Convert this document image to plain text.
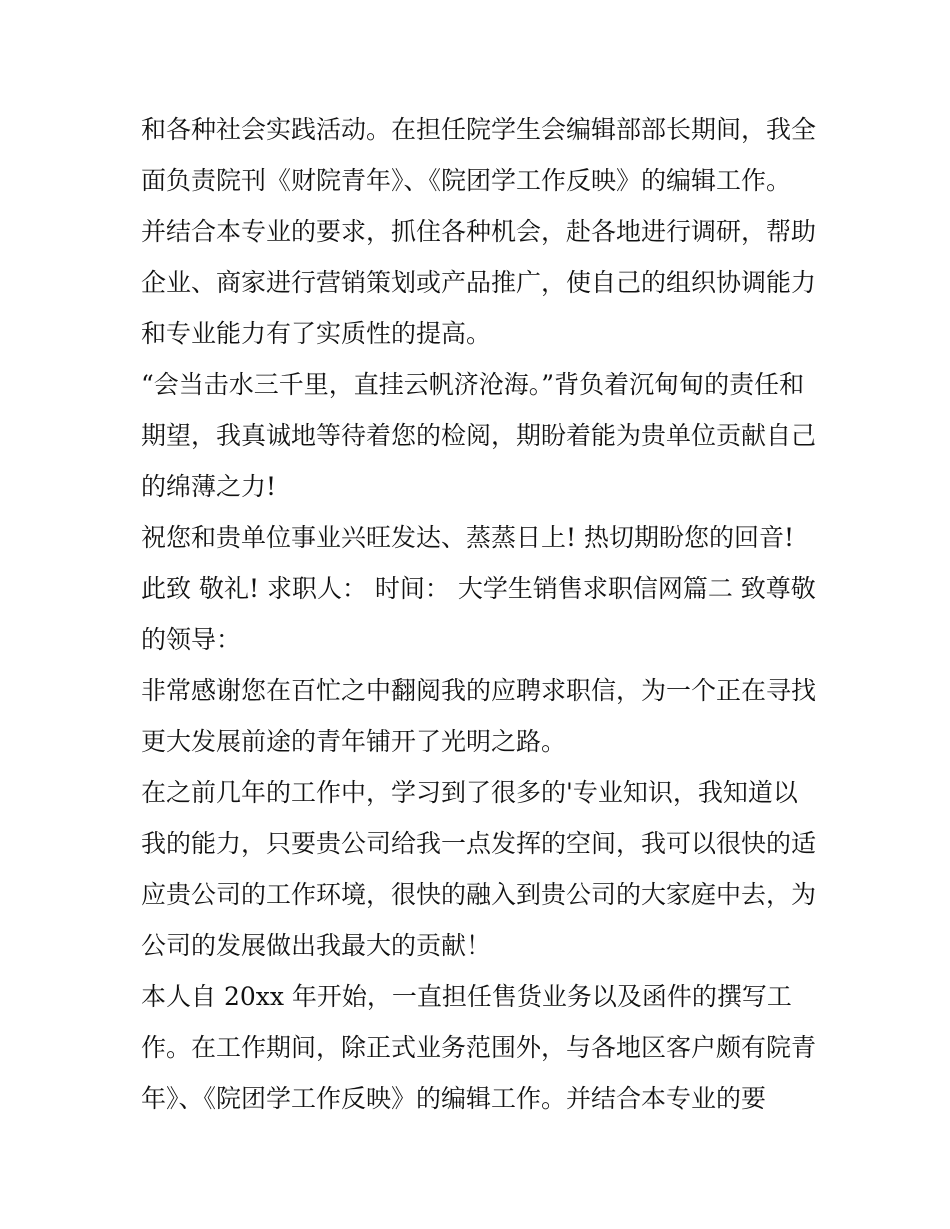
和各种社会实践活动。在担任院学生会编辑部部长期间，我全
面负责院刊《财院青年》、《院团学工作反映》的编辑工作。
并结合本专业的要求，抓住各种机会，赴各地进行调研，帮助
企业、商家进行营销策划或产品推广，使自己的组织协调能力
和专业能力有了实质性的提高。
“会当击水三千里，直挂云帆济沧海。”背负着沉甸甸的责任和
期望，我真诚地等待着您的检阅，期盼着能为贵单位贡献自己
的绵薄之力!
祝您和贵单位事业兴旺发达、蒸蒸日上! 热切期盼您的回音!
此致 敬礼! 求职人： 时间： 大学生销售求职信网篇二 致尊敬
的领导：
非常感谢您在百忙之中翻阅我的应聘求职信，为一个正在寻找
更大发展前途的青年铺开了光明之路。
在之前几年的工作中，学习到了很多的'专业知识，我知道以
我的能力，只要贵公司给我一点发挥的空间，我可以很快的适
应贵公司的工作环境，很快的融入到贵公司的大家庭中去，为
公司的发展做出我最大的贡献！
本人自 20xx 年开始，一直担任售货业务以及函件的撰写工
作。在工作期间，除正式业务范围外，与各地区客户颇有院青
年》、《院团学工作反映》的编辑工作。并结合本专业的要
